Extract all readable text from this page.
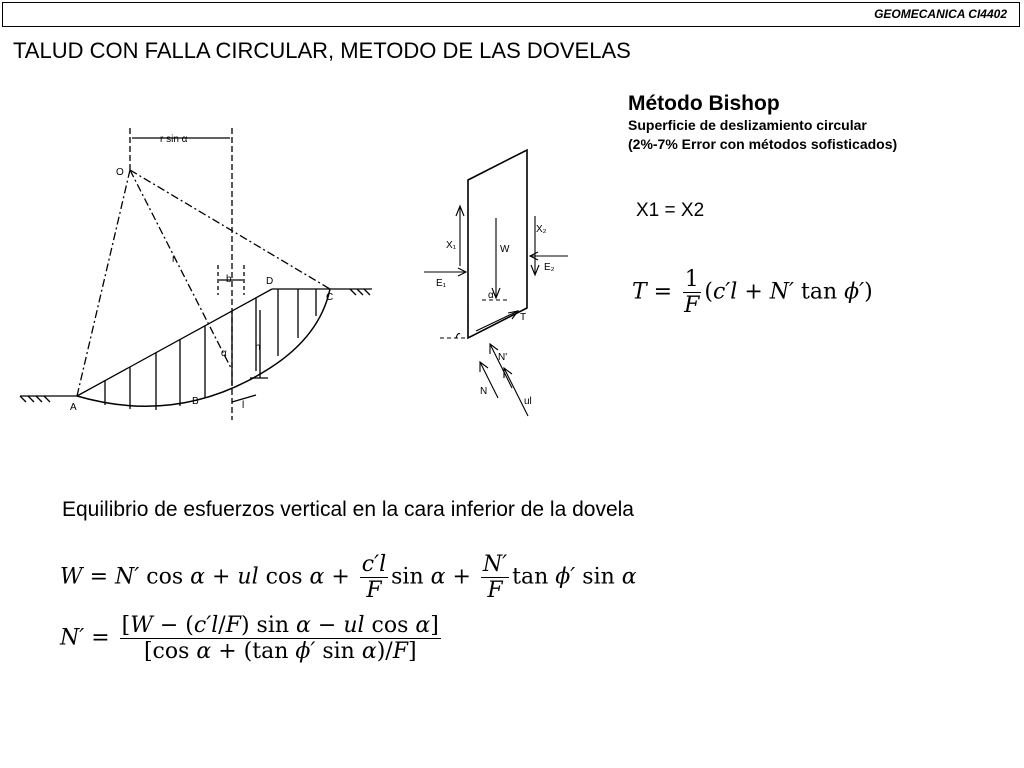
GEOMECANICA CI4402
TALUD CON FALLA CIRCULAR, METODO DE LAS DOVELAS
r sin α
O
r
b	D
C
h
α
A
B	l
X₁
X₂
W
E₁
E₂
α
T
N'
N
ul
Método Bishop
Superficie de deslizamiento circular
(2%-7% Error con métodos sofisticados)
X1 = X2
$T = \frac{1}{F} (c'l + N'$ tan ϕ′)
Equilibrio de esfuerzos vertical en la cara inferior de la dovela
W = N′ cos α + ul $\cos \alpha + \frac{c'l}{F}$ $\sin \alpha + \frac{N'}{F}$ tan ϕ′ sin α
$N' = \frac{\text{[W − (c′l/F) sin α − ul cos α]}}{\text{[cos α + (tan ϕ′ sin α)/F]}}$
